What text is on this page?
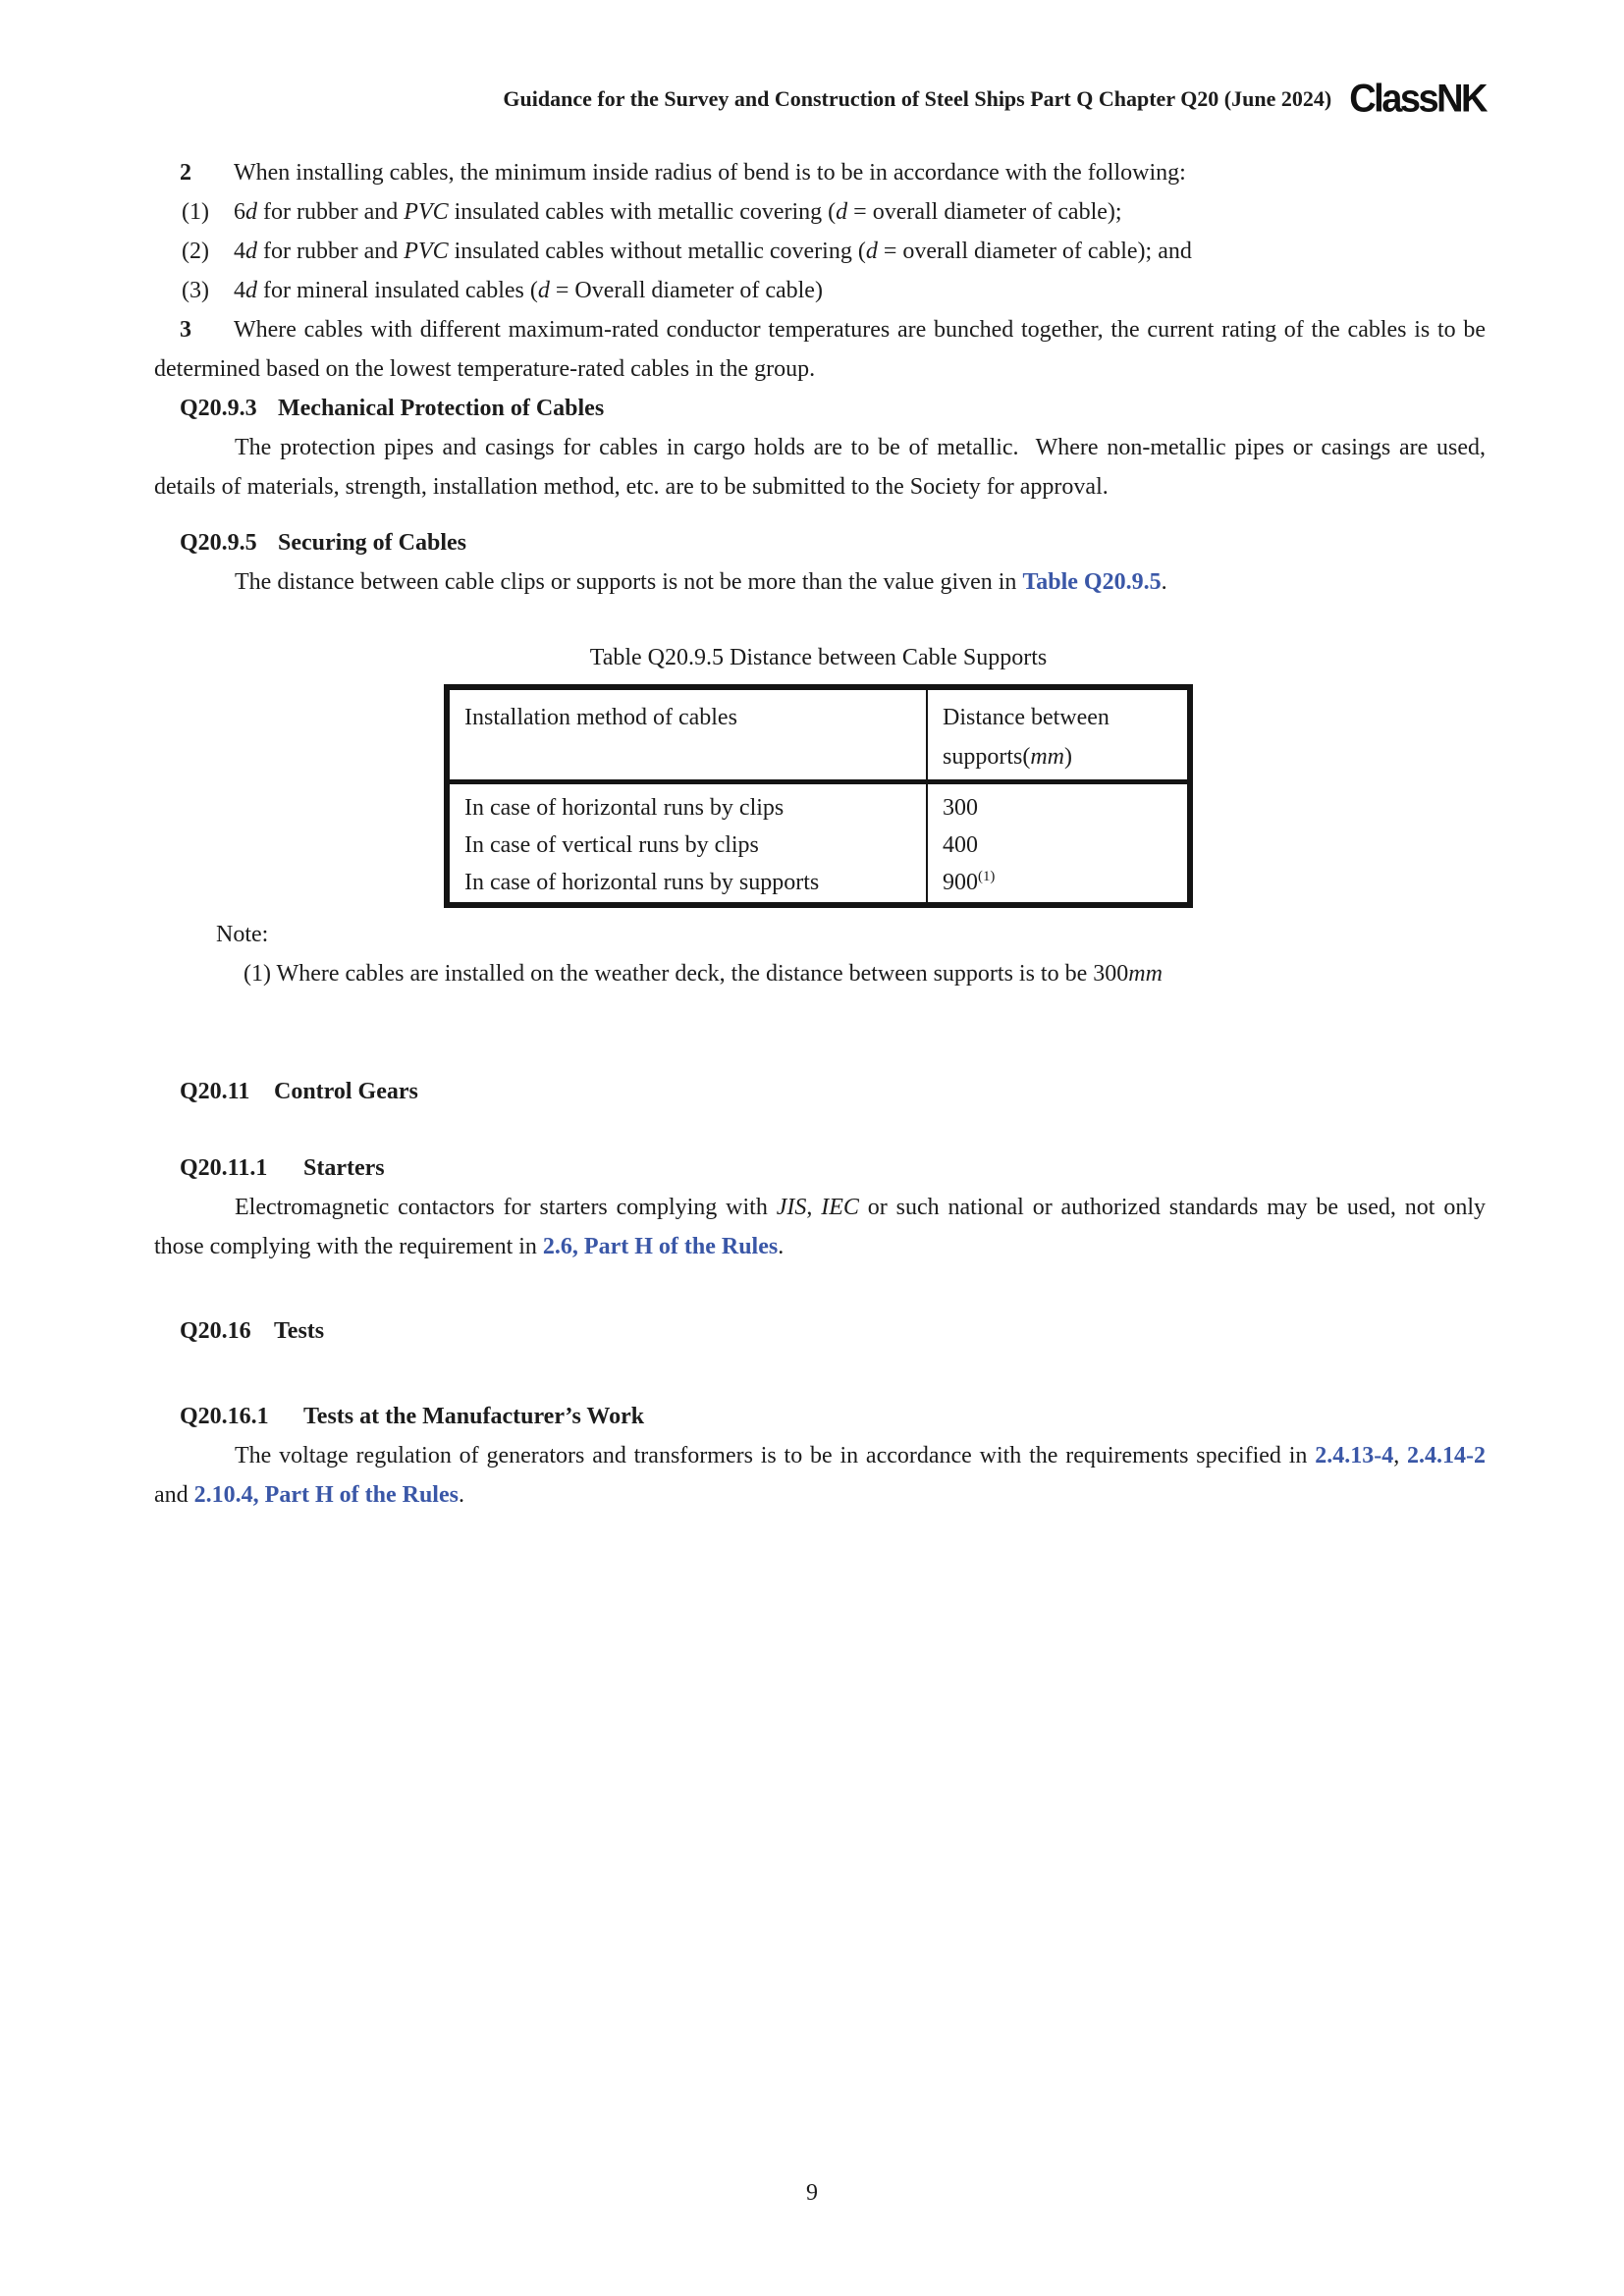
Guidance for the Survey and Construction of Steel Ships Part Q Chapter Q20 (June 2024) ClassNK

2 When installing cables, the minimum inside radius of bend is to be in accordance with the following:

(1) 6d for rubber and PVC insulated cables with metallic covering (d = overall diameter of cable);
(2) 4d for rubber and PVC insulated cables without metallic covering (d = overall diameter of cable); and
(3) 4d for mineral insulated cables (d = Overall diameter of cable)

3 Where cables with different maximum-rated conductor temperatures are bunched together, the current rating of the cables is to be determined based on the lowest temperature-rated cables in the group.

Q20.9.3 Mechanical Protection of Cables

The protection pipes and casings for cables in cargo holds are to be of metallic.  Where non-metallic pipes or casings are used, details of materials, strength, installation method, etc. are to be submitted to the Society for approval.

Q20.9.5 Securing of Cables

The distance between cable clips or supports is not be more than the value given in Table Q20.9.5.

Table Q20.9.5 Distance between Cable Supports
Installation method of cables	Distance between supports(mm)
In case of horizontal runs by clips
In case of vertical runs by clips
In case of horizontal runs by supports
300
400
900$^{(1)}$
Note:
(1) Where cables are installed on the weather deck, the distance between supports is to be 300mm

Q20.11 Control Gears

Q20.11.1 Starters

Electromagnetic contactors for starters complying with JIS, IEC or such national or authorized standards may be used, not only those complying with the requirement in 2.6, Part H of the Rules.

Q20.16 Tests

Q20.16.1 Tests at the Manufacturer’s Work

The voltage regulation of generators and transformers is to be in accordance with the requirements specified in 2.4.13-4, 2.4.14-2 and 2.10.4, Part H of the Rules.

9
